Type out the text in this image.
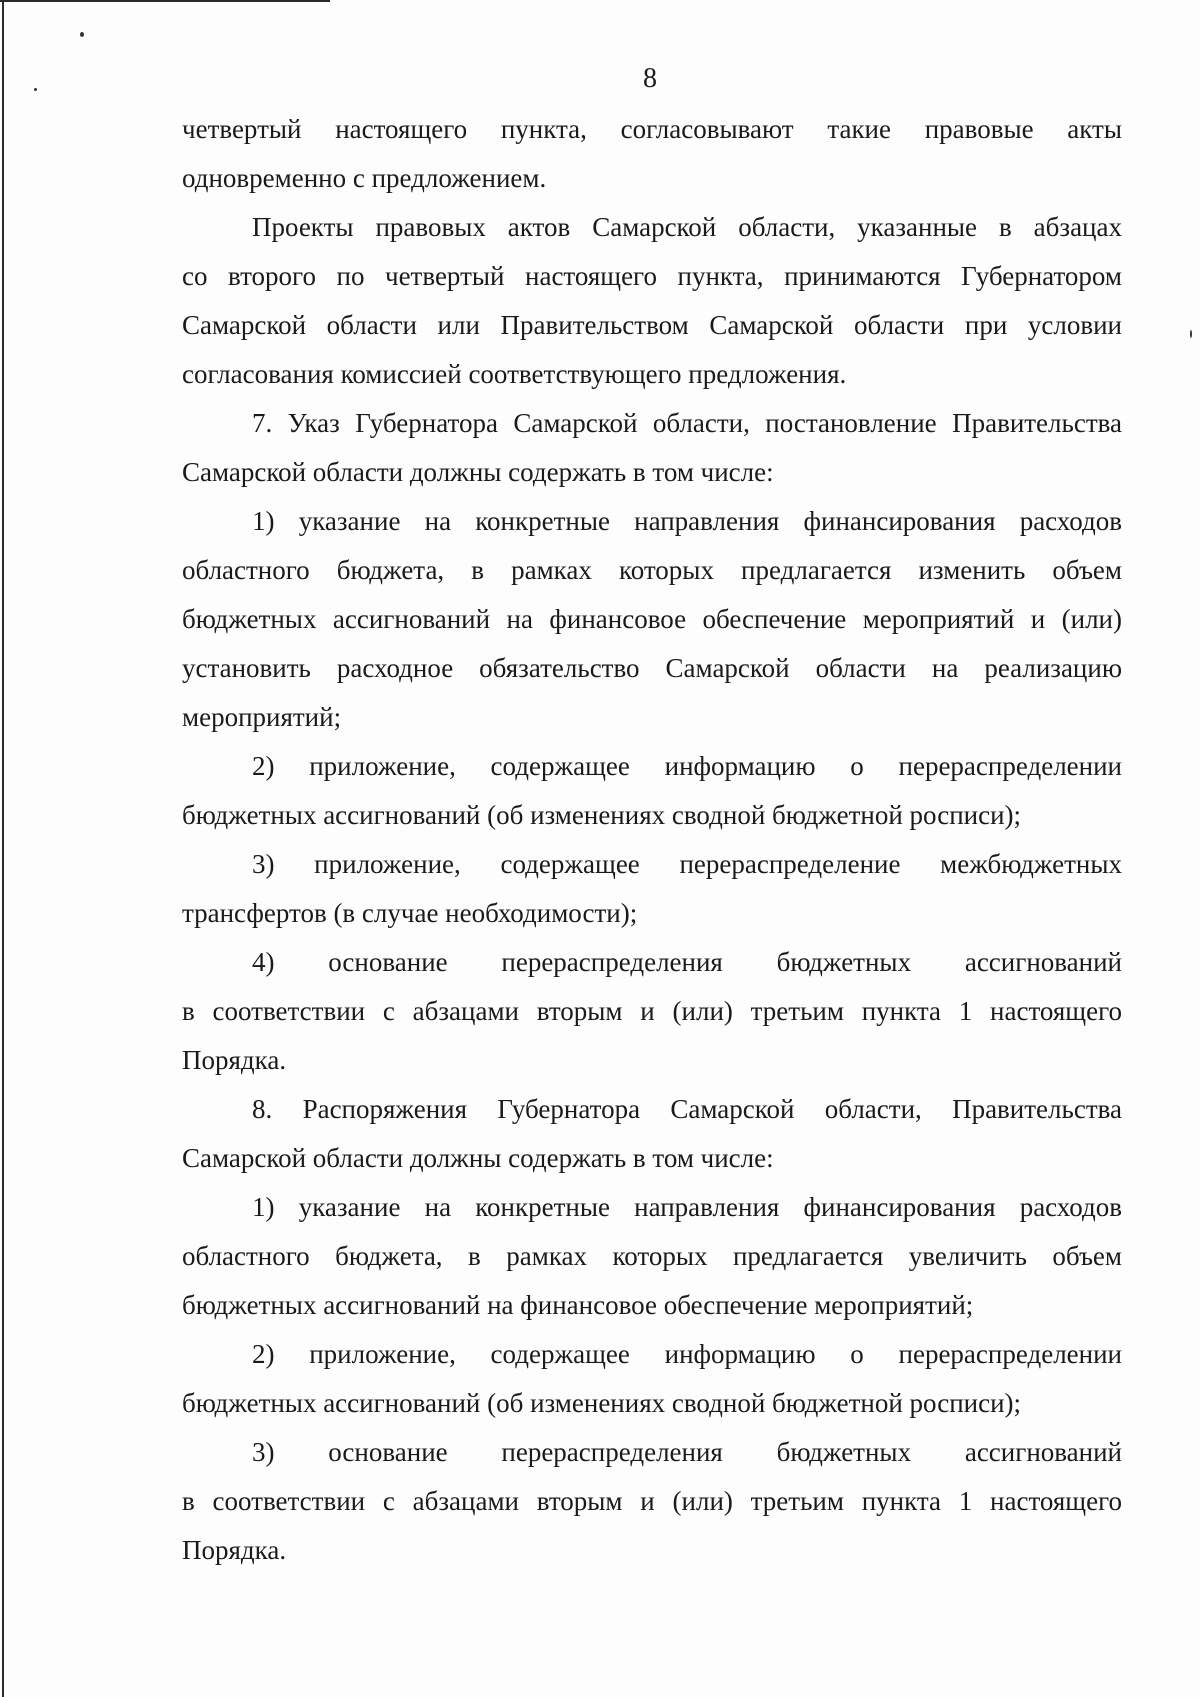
8
четвертый настоящего пункта, согласовывают такие правовые акты
одновременно с предложением.
Проекты правовых актов Самарской области, указанные в абзацах
со второго по четвертый настоящего пункта, принимаются Губернатором
Самарской области или Правительством Самарской области при условии
согласования комиссией соответствующего предложения.
7. Указ Губернатора Самарской области, постановление Правительства
Самарской области должны содержать в том числе:
1) указание на конкретные направления финансирования расходов
областного бюджета, в рамках которых предлагается изменить объем
бюджетных ассигнований на финансовое обеспечение мероприятий и (или)
установить расходное обязательство Самарской области на реализацию
мероприятий;
2) приложение, содержащее информацию о перераспределении
бюджетных ассигнований (об изменениях сводной бюджетной росписи);
3) приложение, содержащее перераспределение межбюджетных
трансфертов (в случае необходимости);
4) основание перераспределения бюджетных ассигнований
в соответствии с абзацами вторым и (или) третьим пункта 1 настоящего
Порядка.
8. Распоряжения Губернатора Самарской области, Правительства
Самарской области должны содержать в том числе:
1) указание на конкретные направления финансирования расходов
областного бюджета, в рамках которых предлагается увеличить объем
бюджетных ассигнований на финансовое обеспечение мероприятий;
2) приложение, содержащее информацию о перераспределении
бюджетных ассигнований (об изменениях сводной бюджетной росписи);
3) основание перераспределения бюджетных ассигнований
в соответствии с абзацами вторым и (или) третьим пункта 1 настоящего
Порядка.
